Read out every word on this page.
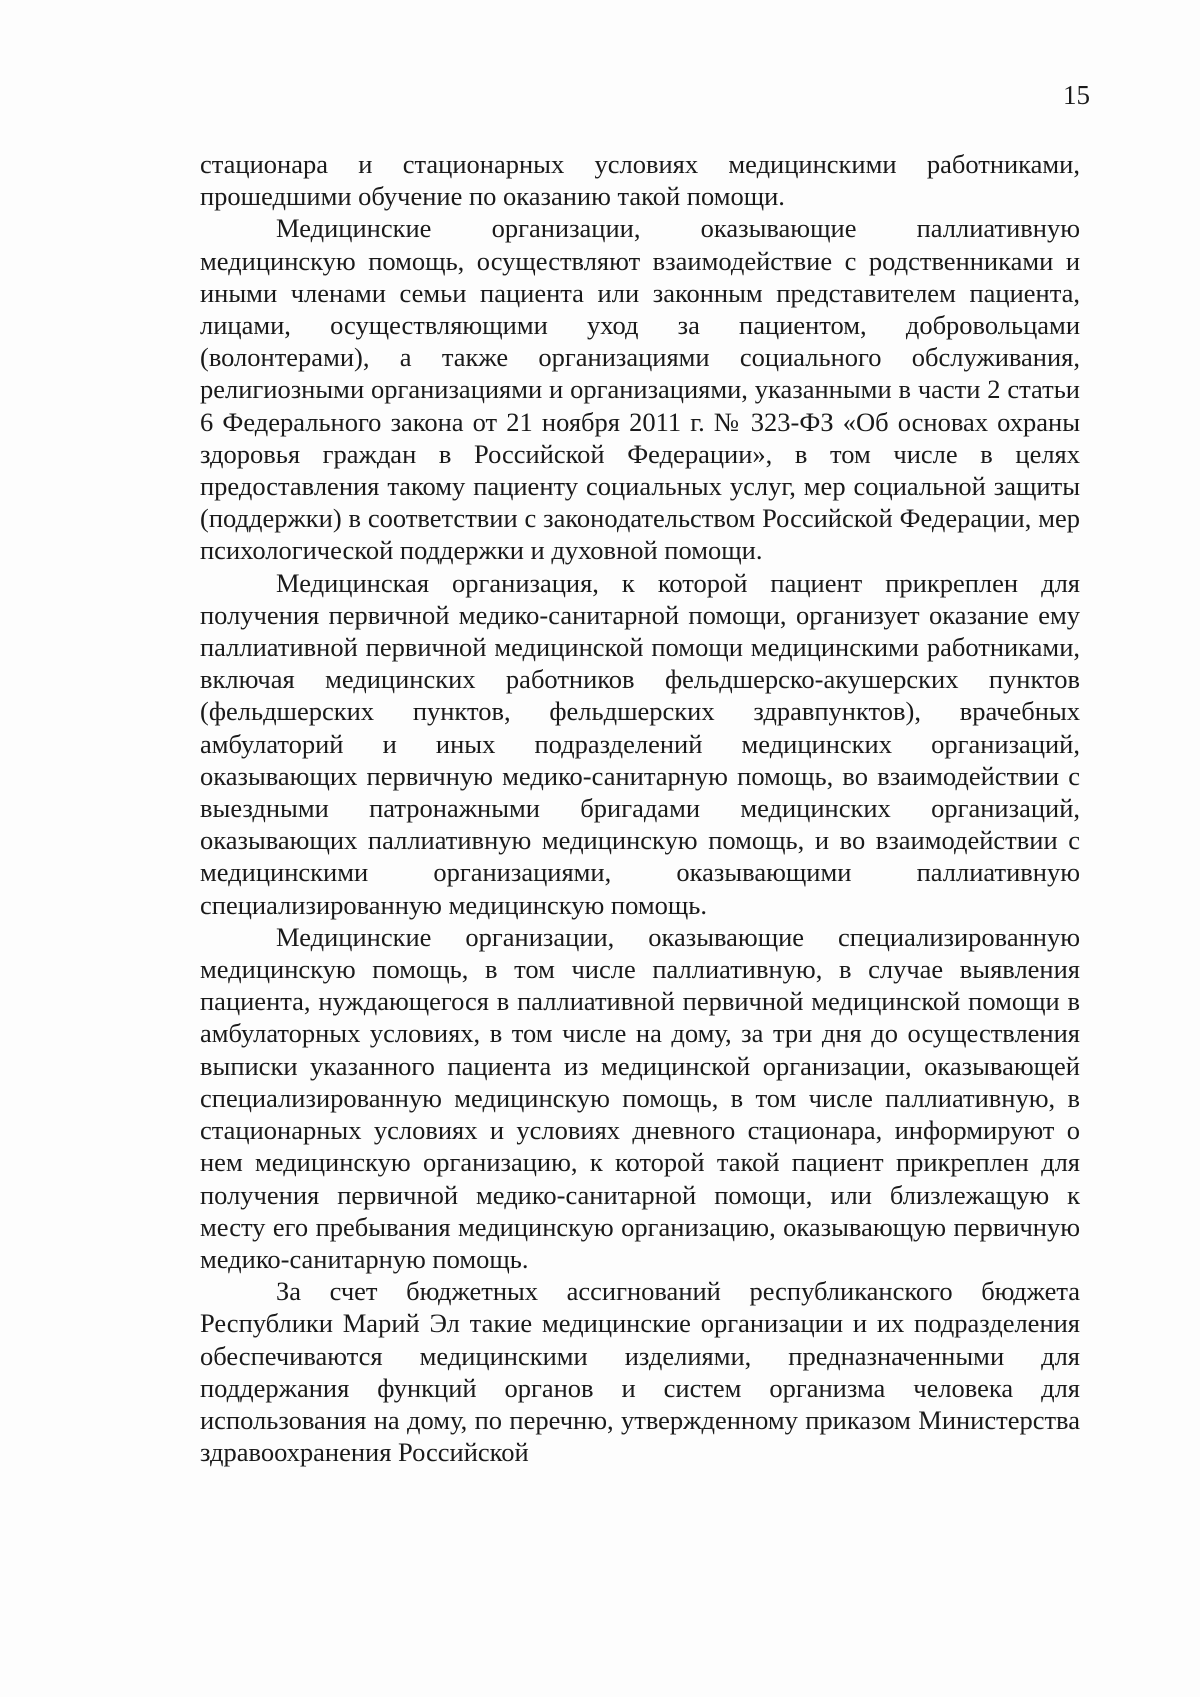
15

стационара и стационарных условиях медицинскими работниками, прошедшими обучение по оказанию такой помощи.

Медицинские организации, оказывающие паллиативную медицинскую помощь, осуществляют взаимодействие с родственниками и иными членами семьи пациента или законным представителем пациента, лицами, осуществляющими уход за пациентом, добровольцами (волонтерами), а также организациями социального обслуживания, религиозными организациями и организациями, указанными в части 2 статьи 6 Федерального закона от 21 ноября 2011 г. № 323-ФЗ «Об основах охраны здоровья граждан в Российской Федерации», в том числе в целях предоставления такому пациенту социальных услуг, мер социальной защиты (поддержки) в соответствии с законодательством Российской Федерации, мер психологической поддержки и духовной помощи.

Медицинская организация, к которой пациент прикреплен для получения первичной медико-санитарной помощи, организует оказание ему паллиативной первичной медицинской помощи медицинскими работниками, включая медицинских работников фельдшерско-акушерских пунктов (фельдшерских пунктов, фельдшерских здравпунктов), врачебных амбулаторий и иных подразделений медицинских организаций, оказывающих первичную медико-санитарную помощь, во взаимодействии с выездными патронажными бригадами медицинских организаций, оказывающих паллиативную медицинскую помощь, и во взаимодействии с медицинскими организациями, оказывающими паллиативную специализированную медицинскую помощь.

Медицинские организации, оказывающие специализированную медицинскую помощь, в том числе паллиативную, в случае выявления пациента, нуждающегося в паллиативной первичной медицинской помощи в амбулаторных условиях, в том числе на дому, за три дня до осуществления выписки указанного пациента из медицинской организации, оказывающей специализированную медицинскую помощь, в том числе паллиативную, в стационарных условиях и условиях дневного стационара, информируют о нем медицинскую организацию, к которой такой пациент прикреплен для получения первичной медико-санитарной помощи, или близлежащую к месту его пребывания медицинскую организацию, оказывающую первичную медико-санитарную помощь.

За счет бюджетных ассигнований республиканского бюджета Республики Марий Эл такие медицинские организации и их подразделения обеспечиваются медицинскими изделиями, предназначенными для поддержания функций органов и систем организма человека для использования на дому, по перечню, утвержденному приказом Министерства здравоохранения Российской
